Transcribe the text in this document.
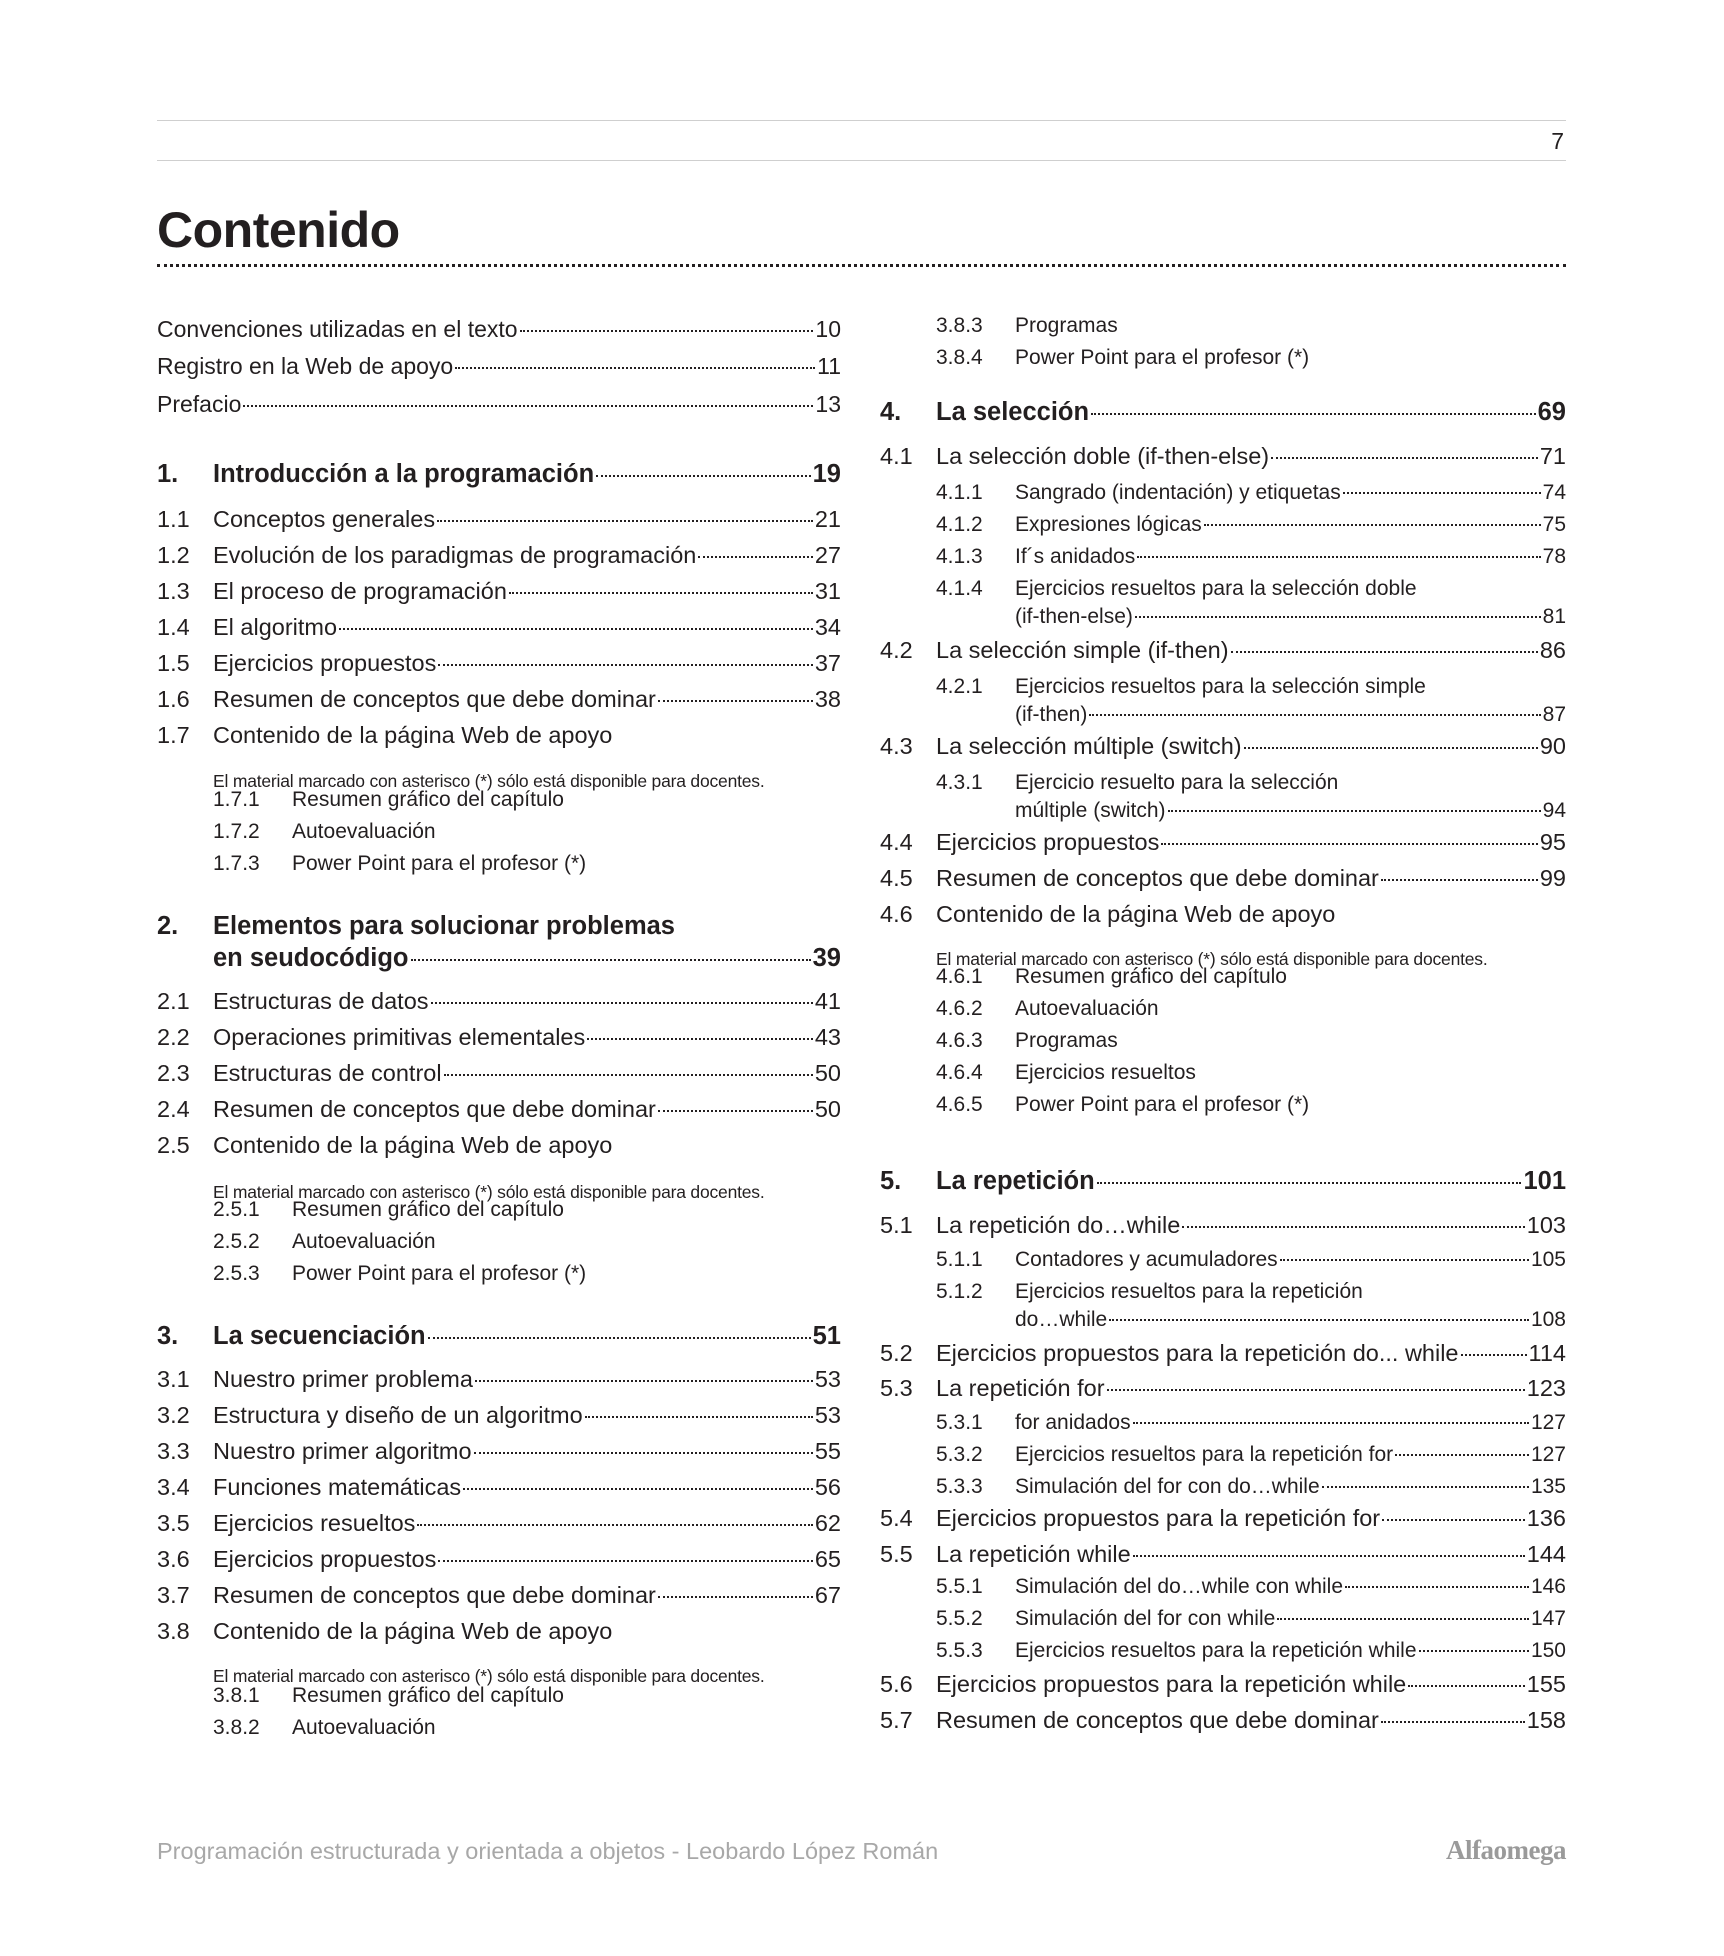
7
Contenido
Convenciones utilizadas en el texto	10
Registro en la Web de apoyo	11
Prefacio	13
1.	Introducción a la programación	19
1.1 Conceptos generales	21
1.2 Evolución de los paradigmas de programación	27
1.3 El proceso de programación	31
1.4 El algoritmo	34
1.5 Ejercicios propuestos	37
1.6 Resumen de conceptos que debe dominar	38
1.7 Contenido de la página Web de apoyo
El material marcado con asterisco (*) sólo está disponible para docentes.
1.7.1	Resumen gráfico del capítulo
1.7.2	Autoevaluación
1.7.3	Power Point para el profesor (*)
2.	Elementos para solucionar problemas
en seudocódigo	39
2.1 Estructuras de datos	41
2.2 Operaciones primitivas elementales	43
2.3 Estructuras de control	50
2.4 Resumen de conceptos que debe dominar	50
2.5 Contenido de la página Web de apoyo
El material marcado con asterisco (*) sólo está disponible para docentes.
2.5.1	Resumen gráfico del capítulo
2.5.2	Autoevaluación
2.5.3	Power Point para el profesor (*)
3.	La secuenciación	51
3.1 Nuestro primer problema	53
3.2 Estructura y diseño de un algoritmo	53
3.3 Nuestro primer algoritmo	55
3.4 Funciones matemáticas	56
3.5 Ejercicios resueltos	62
3.6 Ejercicios propuestos	65
3.7 Resumen de conceptos que debe dominar	67
3.8 Contenido de la página Web de apoyo
El material marcado con asterisco (*) sólo está disponible para docentes.
3.8.1	Resumen gráfico del capítulo
3.8.2	Autoevaluación
3.8.3	Programas
3.8.4	Power Point para el profesor (*)
4.	La selección	69
4.1 La selección doble (if-then-else)	71
4.1.1	Sangrado (indentación) y etiquetas	74
4.1.2	Expresiones lógicas	75
4.1.3	If´s anidados	78
4.1.4	Ejercicios resueltos para la selección doble
(if-then-else)	81
4.2 La selección simple (if-then)	86
4.2.1	Ejercicios resueltos para la selección simple
(if-then)	87
4.3 La selección múltiple (switch)	90
4.3.1	Ejercicio resuelto para la selección
múltiple (switch)	94
4.4 Ejercicios propuestos	95
4.5 Resumen de conceptos que debe dominar	99
4.6 Contenido de la página Web de apoyo
El material marcado con asterisco (*) sólo está disponible para docentes.
4.6.1	Resumen gráfico del capítulo
4.6.2	Autoevaluación
4.6.3	Programas
4.6.4	Ejercicios resueltos
4.6.5	Power Point para el profesor (*)
5.	La repetición	101
5.1 La repetición do…while	103
5.1.1	Contadores y acumuladores	105
5.1.2	Ejercicios resueltos para la repetición
do…while	108
5.2 Ejercicios propuestos para la repetición do... while	114
5.3 La repetición for	123
5.3.1	for anidados	127
5.3.2	Ejercicios resueltos para la repetición for	127
5.3.3	Simulación del for con do…while	135
5.4 Ejercicios propuestos para la repetición for	136
5.5 La repetición while	144
5.5.1	Simulación del do…while con while	146
5.5.2	Simulación del for con while	147
5.5.3	Ejercicios resueltos para la repetición while	150
5.6 Ejercicios propuestos para la repetición while	155
5.7 Resumen de conceptos que debe dominar	158
Programación estructurada y orientada a objetos - Leobardo López Román	Alfaomega
